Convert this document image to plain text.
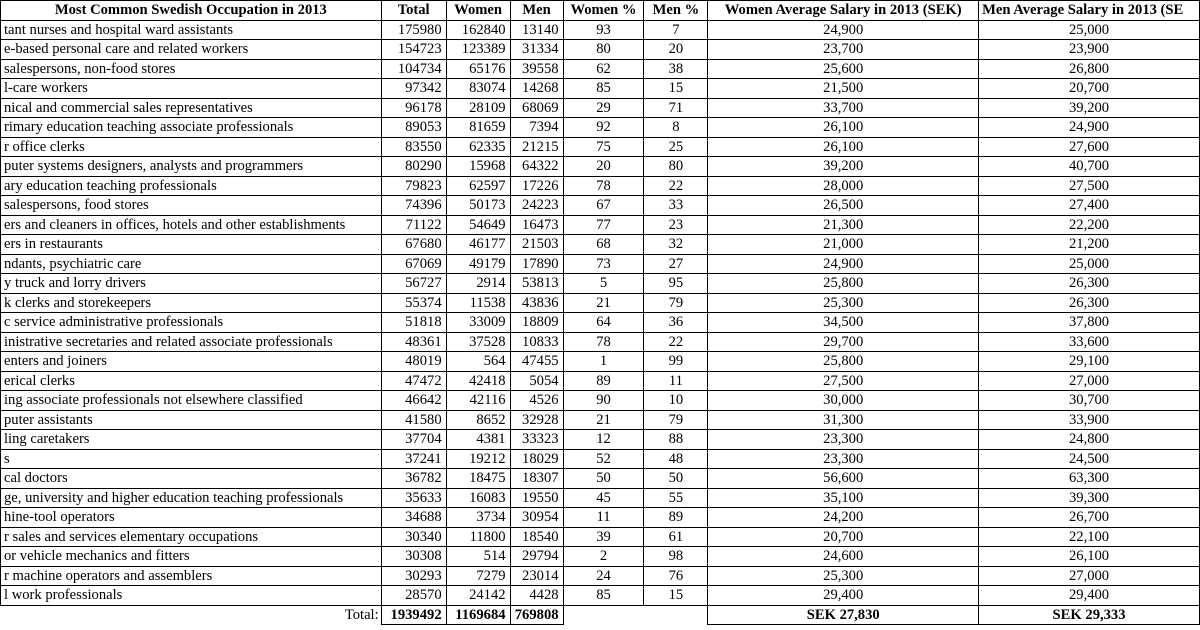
Most Common Swedish Occupation in 2013	Total	Women	Men	Women %	Men %	Women Average Salary in 2013 (SEK)	Men Average Salary in 2013 (SE
tant nurses and hospital ward assistants	175980	162840	13140	93	7	24,900	25,000
e-based personal care and related workers	154723	123389	31334	80	20	23,700	23,900
salespersons, non-food stores	104734	65176	39558	62	38	25,600	26,800
l-care workers	97342	83074	14268	85	15	21,500	20,700
nical and commercial sales representatives	96178	28109	68069	29	71	33,700	39,200
rimary education teaching associate professionals	89053	81659	7394	92	8	26,100	24,900
r office clerks	83550	62335	21215	75	25	26,100	27,600
puter systems designers, analysts and programmers	80290	15968	64322	20	80	39,200	40,700
ary education teaching professionals	79823	62597	17226	78	22	28,000	27,500
salespersons, food stores	74396	50173	24223	67	33	26,500	27,400
ers and cleaners in offices, hotels and other establishments	71122	54649	16473	77	23	21,300	22,200
ers in restaurants	67680	46177	21503	68	32	21,000	21,200
ndants, psychiatric care	67069	49179	17890	73	27	24,900	25,000
y truck and lorry drivers	56727	2914	53813	5	95	25,800	26,300
k clerks and storekeepers	55374	11538	43836	21	79	25,300	26,300
c service administrative professionals	51818	33009	18809	64	36	34,500	37,800
inistrative secretaries and related associate professionals	48361	37528	10833	78	22	29,700	33,600
enters and joiners	48019	564	47455	1	99	25,800	29,100
erical clerks	47472	42418	5054	89	11	27,500	27,000
ing associate professionals not elsewhere classified	46642	42116	4526	90	10	30,000	30,700
puter assistants	41580	8652	32928	21	79	31,300	33,900
ling caretakers	37704	4381	33323	12	88	23,300	24,800
s	37241	19212	18029	52	48	23,300	24,500
cal doctors	36782	18475	18307	50	50	56,600	63,300
ge, university and higher education teaching professionals	35633	16083	19550	45	55	35,100	39,300
hine-tool operators	34688	3734	30954	11	89	24,200	26,700
r sales and services elementary occupations	30340	11800	18540	39	61	20,700	22,100
or vehicle mechanics and fitters	30308	514	29794	2	98	24,600	26,100
r machine operators and assemblers	30293	7279	23014	24	76	25,300	27,000
l work professionals	28570	24142	4428	85	15	29,400	29,400
Total:	1939492	1169684	769808			SEK 27,830	SEK 29,333
